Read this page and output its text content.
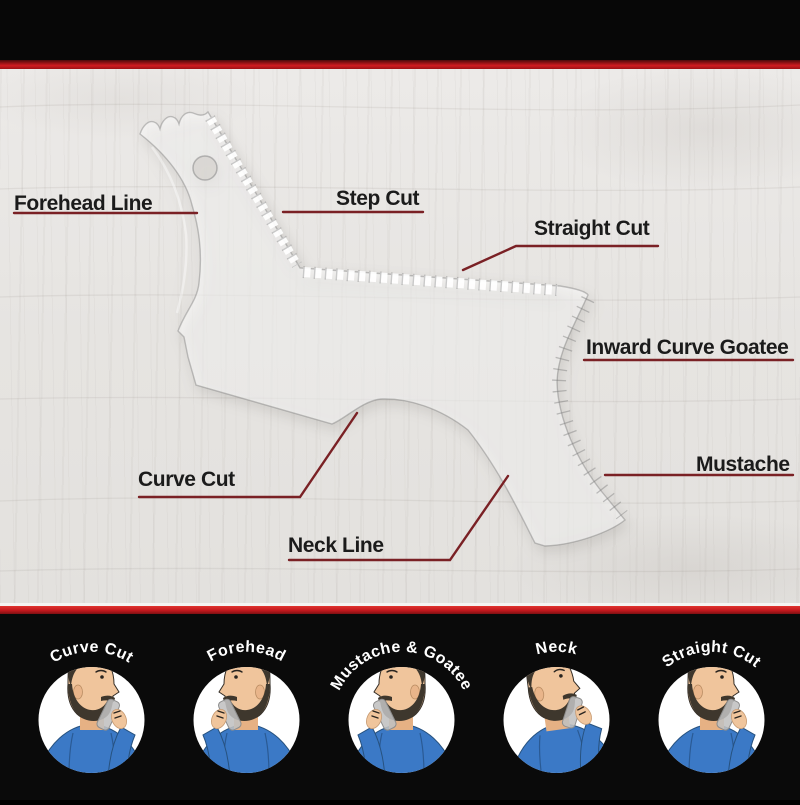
Forehead Line	Step Cut
Straight Cut
Inward Curve Goatee
Mustache
Curve Cut
Neck Line
Curve Cut	Forehead
Mustache & Goatee
Neck
Straight Cut
